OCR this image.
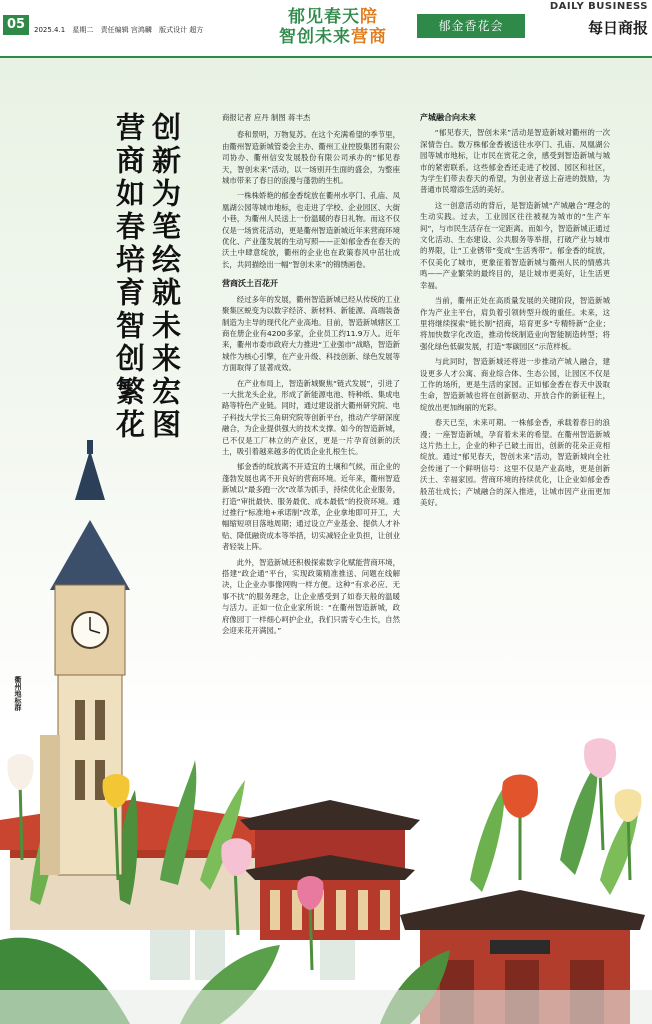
05	2025.4.1 星期二 责任编辑 宫鸿麟 版式设计 超方
郁见春天陪
智创未来营商
郁金香花会
DAILY BUSINESS
每日商报
创新为笔绘就未来宏图
营商如春培育智创繁花	商报记者 应丹 制图 蒋丰杰

春和景明，万物复苏。在这个充满希望的季节里，由衢州智造新城管委会主办、衢州工业控股集团有限公司协办、衢州信安发展股份有限公司承办的“郁见春天，智创未来”活动，以一场别开生面的盛会，为整座城市带来了春日的浪漫与蓬勃的生机。

一株株娇艳的郁金香绽放在衢州水亭门、孔庙、凤凰湖公园等城市地标，也走进了学校、企业园区、大街小巷，为衢州人民送上一份温暖的春日礼物。而这不仅仅是一场赏花活动，更是衢州智造新城近年来营商环境优化、产业蓬发展的生动写照——正如郁金香在春天的沃土中肆意绽放，衢州的企业也在政策春风中茁壮成长，共同描绘出一幅“智创未来”的锦绣画卷。

营商沃土百花开

经过多年的发展，衢州智造新城已经从传统的工业聚集区蜕变为以数字经济、新材料、新能源、高端装备制造为主导的现代化产业高地。目前，智造新城辖区工商在册企业有4200多家，企业员工约11.9万人。近年来，衢州市委市政府大力推进“工业强市”战略，智造新城作为核心引擎，在产业升级、科技创新、绿色发展等方面取得了显著成效。

在产业布局上，智造新城聚焦“链式发展”，引进了一大批龙头企业，形成了新能源电池、特种纸、集成电路等特色产业链。同时，通过建设浙大衢州研究院、电子科技大学长三角研究院等创新平台，推动产学研深度融合，为企业提供强大的技术支撑。如今的智造新城，已不仅是工厂林立的产业区，更是一片孕育创新的沃土，吸引着越来越多的优质企业扎根生长。

郁金香的绽放离不开适宜的土壤和气候，而企业的蓬勃发展也离不开良好的营商环境。近年来，衢州智造新城以“最多跑一次”改革为抓手，持续优化企业服务，打造“审批最快、服务最优、成本最低”的投资环境。通过推行“标准地+承诺制”改革，企业拿地即可开工，大幅缩短项目落地周期；通过设立产业基金、提供人才补贴、降低融资成本等举措，切实减轻企业负担，让创业者轻装上阵。

此外，智造新城还积极探索数字化赋能营商环境，搭建“政企通”平台，实现政策精准推送、问题在线解决，让企业办事像网购一样方便。这种“有求必应、无事不扰”的服务理念，让企业感受到了如春天般的温暖与活力。正如一位企业家所说：“在衢州智造新城，政府像园丁一样细心呵护企业，我们只需专心生长，自然会迎来花开满园。”

产城融合向未来

“郁见春天，智创未来”活动是智造新城对衢州的一次深情告白。数万株郁金香被送往水亭门、孔庙、凤凰湖公园等城市地标，让市民在赏花之余，感受到智造新城与城市的紧密联系。这些郁金香还走进了校园、园区和社区，为学生们带去春天的希望，为创业者送上奋进的鼓励，为普通市民增添生活的美好。

这一创意活动的背后，是智造新城“产城融合”理念的生动实践。过去，工业园区往往被视为城市的“生产车间”，与市民生活存在一定距离。而如今，智造新城正通过文化活动、生态建设、公共服务等举措，打破产业与城市的界限，让“工业锈带”变成“生活秀带”。郁金香的绽放，不仅美化了城市，更象征着智造新城与衢州人民的情感共鸣——产业繁荣的最终目的，是让城市更美好，让生活更幸福。

当前，衢州正处在高质量发展的关键阶段，智造新城作为产业主平台，肩负着引领转型升级的重任。未来，这里将继续探索“链长制”招商，培育更多“专精特新”企业；将加快数字化改造，推动传统制造业向智能制造转型；将强化绿色低碳发展，打造“零碳园区”示范样板。

与此同时，智造新城还将进一步推动产城人融合，建设更多人才公寓、商业综合体、生态公园，让园区不仅是工作的场所，更是生活的家园。正如郁金香在春天中汲取生命，智造新城也将在创新驱动、开放合作的新征程上，绽放出更加绚丽的光彩。

春天已至，未来可期。一株郁金香，承载着春日的浪漫；一座智造新城，孕育着未来的希望。在衢州智造新城这片热土上，企业的种子已破土而出，创新的花朵正竞相绽放。通过“郁见春天，智创未来”活动，智造新城向全社会传递了一个鲜明信号：这里不仅是产业高地，更是创新沃土、幸福家园。营商环境的持续优化，让企业如郁金香般茁壮成长；产城融合的深入推进，让城市因产业而更加美好。

衢州地标群
